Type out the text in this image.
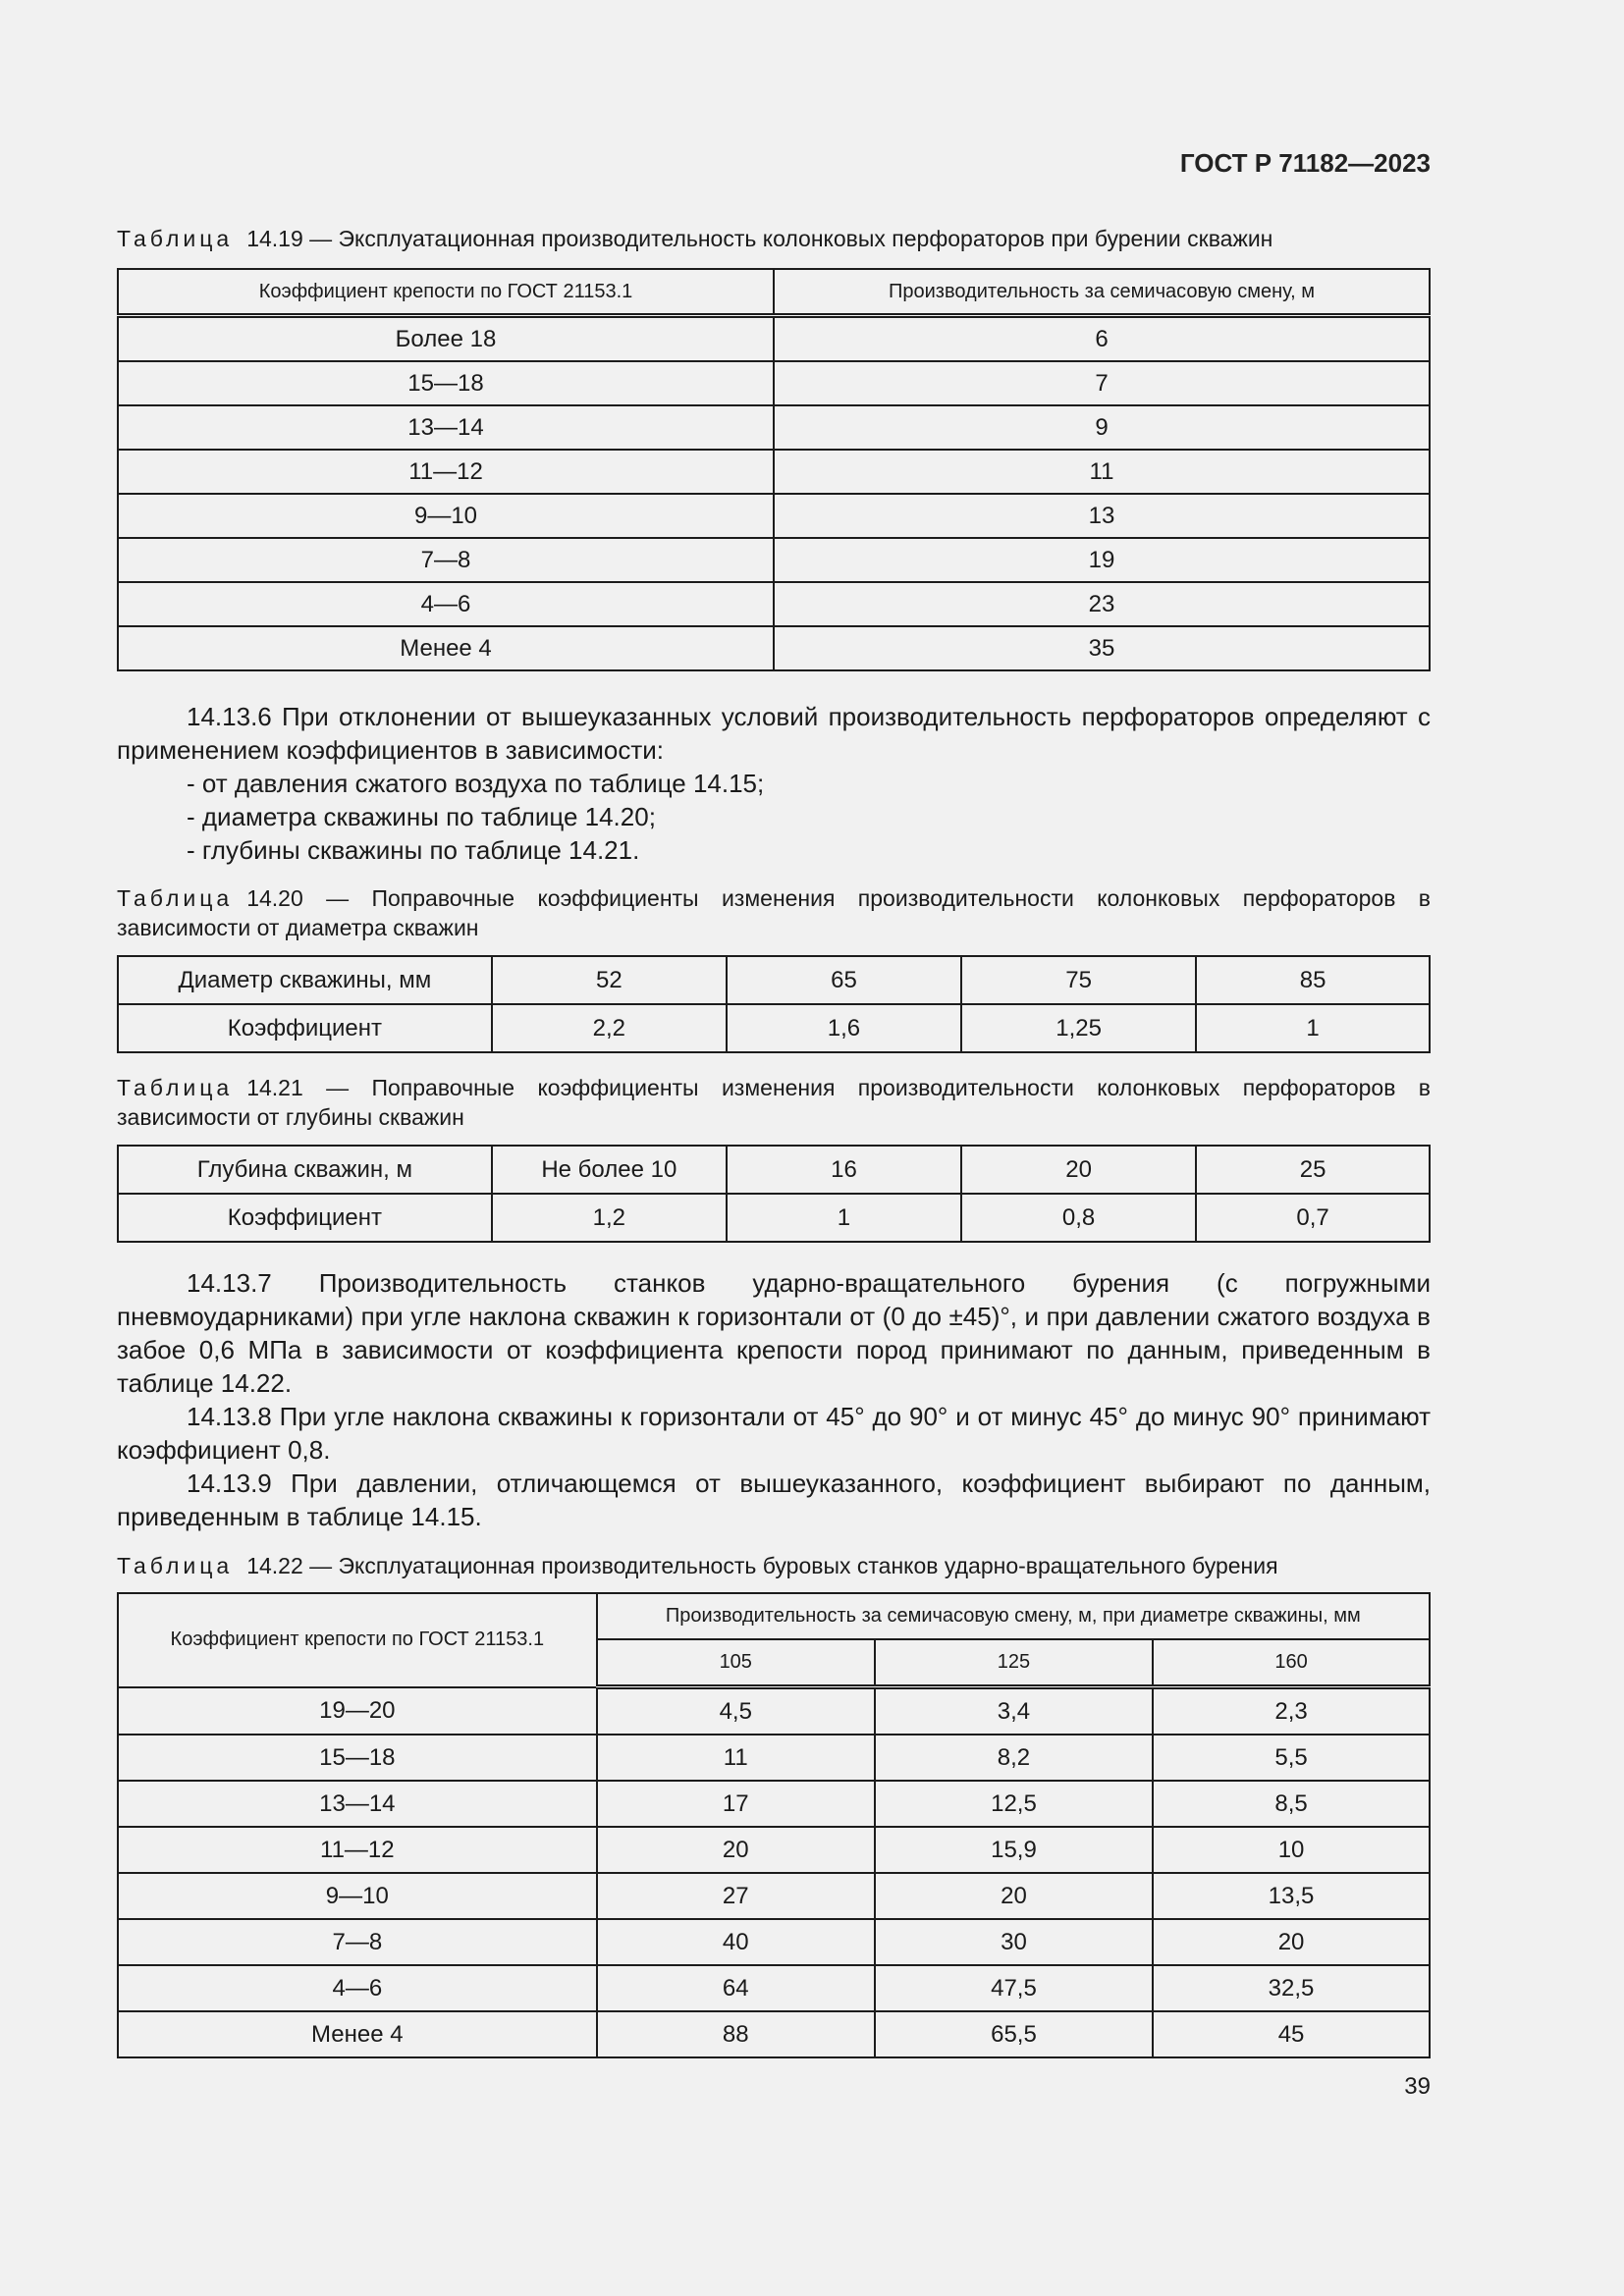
ГОСТ Р 71182—2023
Таблица 14.19 — Эксплуатационная производительность колонковых перфораторов при бурении скважин
Коэффициент крепости по ГОСТ 21153.1	Производительность за семичасовую смену, м
Более 18	6
15—18	7
13—14	9
11—12	11
9—10	13
7—8	19
4—6	23
Менее 4	35

14.13.6 При отклонении от вышеуказанных условий производительность перфораторов определяют с применением коэффициентов в зависимости:

- от давления сжатого воздуха по таблице 14.15;
- диаметра скважины по таблице 14.20;
- глубины скважины по таблице 14.21.
Таблица 14.20 — Поправочные коэффициенты изменения производительности колонковых перфораторов в зависимости от диаметра скважин
Диаметр скважины, мм	52	65	75	85
Коэффициент	2,2	1,6	1,25	1
Таблица 14.21 — Поправочные коэффициенты изменения производительности колонковых перфораторов в зависимости от глубины скважин
Глубина скважин, м	Не более 10	16	20	25
Коэффициент	1,2	1	0,8	0,7

14.13.7 Производительность станков ударно-вращательного бурения (с погружными пневмоударниками) при угле наклона скважин к горизонтали от (0 до ±45)°, и при давлении сжатого воздуха в забое 0,6 МПа в зависимости от коэффициента крепости пород принимают по данным, приведенным в таблице 14.22.

14.13.8 При угле наклона скважины к горизонтали от 45° до 90° и от минус 45° до минус 90° принимают коэффициент 0,8.

14.13.9 При давлении, отличающемся от вышеуказанного, коэффициент выбирают по данным, приведенным в таблице 14.15.

Таблица 14.22 — Эксплуатационная производительность буровых станков ударно-вращательного бурения
Коэффициент крепости по ГОСТ 21153.1	Производительность за семичасовую смену, м, при диаметре скважины, мм		
	105	125	160
19—20	4,5	3,4	2,3
15—18	11	8,2	5,5
13—14	17	12,5	8,5
11—12	20	15,9	10
9—10	27	20	13,5
7—8	40	30	20
4—6	64	47,5	32,5
Менее 4	88	65,5	45
39
